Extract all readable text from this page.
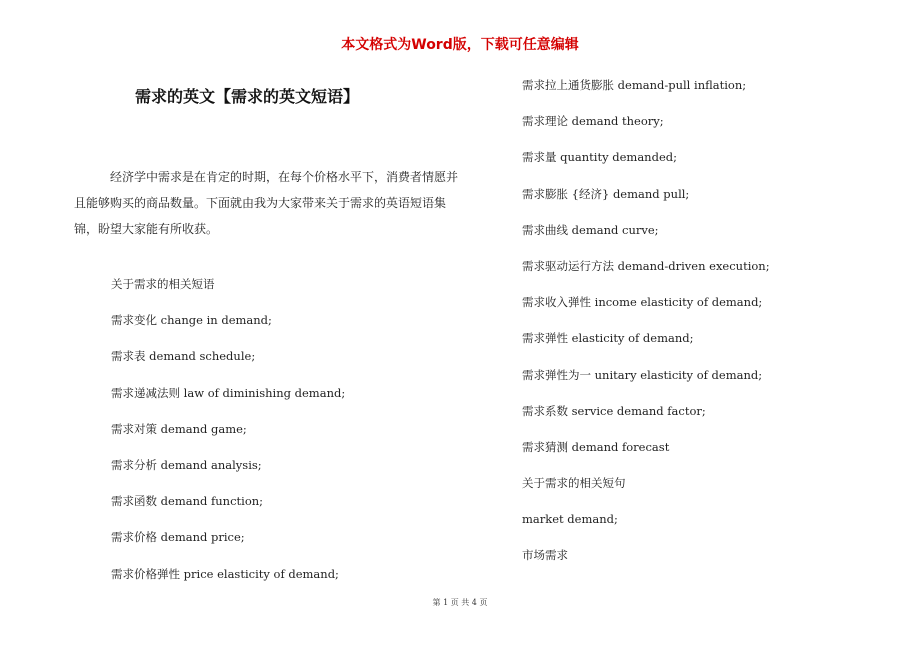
本文格式为Word版，下载可任意编辑
需求的英文【需求的英文短语】
经济学中需求是在肯定的时期，在每个价格水平下，消费者情愿并且能够购买的商品数量。下面就由我为大家带来关于需求的英语短语集锦，盼望大家能有所收获。
关于需求的相关短语
需求变化 change in demand;
需求表 demand schedule;
需求递减法则 law of diminishing demand;
需求对策 demand game;
需求分析 demand analysis;
需求函数 demand function;
需求价格 demand price;
需求价格弹性 price elasticity of demand;
需求拉上通货膨胀 demand-pull inflation;
需求理论 demand theory;
需求量 quantity demanded;
需求膨胀 {经济} demand pull;
需求曲线 demand curve;
需求驱动运行方法 demand-driven execution;
需求收入弹性 income elasticity of demand;
需求弹性 elasticity of demand;
需求弹性为一 unitary elasticity of demand;
需求系数 service demand factor;
需求猜测 demand forecast
关于需求的相关短句
market demand;
市场需求
第 1 页 共 4 页
